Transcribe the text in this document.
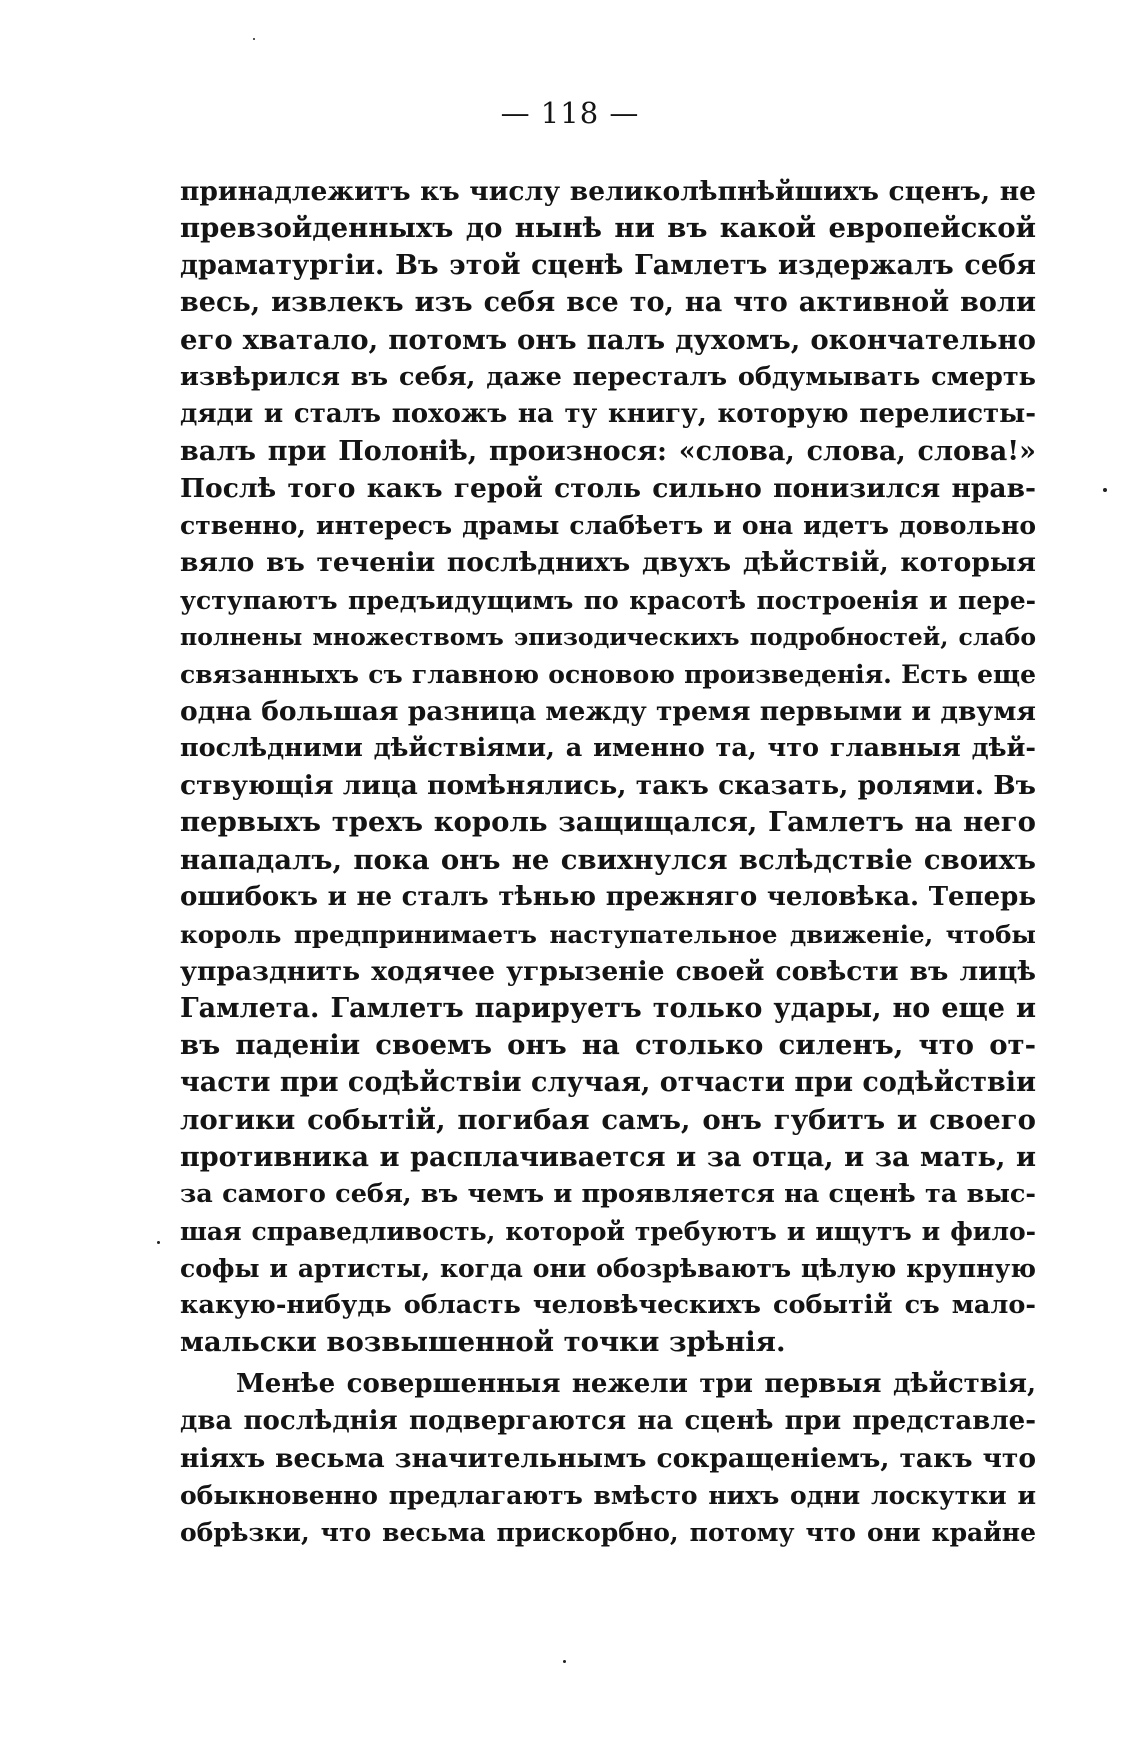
— 118 —
принадлежитъ къ числу великолѣпнѣйшихъ сценъ, не
превзойденныхъ до нынѣ ни въ какой европейской
драматургіи. Въ этой сценѣ Гамлетъ издержалъ себя
весь, извлекъ изъ себя все то, на что активной воли
его хватало, потомъ онъ палъ духомъ, окончательно
извѣрился въ себя, даже пересталъ обдумывать смерть
дяди и сталъ похожъ на ту книгу, которую перелисты-
валъ при Полоніѣ, произнося: «слова, слова, слова!»
Послѣ того какъ герой столь сильно понизился нрав-
ственно, интересъ драмы слабѣетъ и она идетъ довольно
вяло въ теченіи послѣднихъ двухъ дѣйствій, которыя
уступаютъ предъидущимъ по красотѣ построенія и пере-
полнены множествомъ эпизодическихъ подробностей, слабо
связанныхъ съ главною основою произведенія. Есть еще
одна большая разница между тремя первыми и двумя
послѣдними дѣйствіями, а именно та, что главныя дѣй-
ствующія лица помѣнялись, такъ сказать, ролями. Въ
первыхъ трехъ король защищался, Гамлетъ на него
нападалъ, пока онъ не свихнулся вслѣдствіе своихъ
ошибокъ и не сталъ тѣнью прежняго человѣка. Теперь
король предпринимаетъ наступательное движеніе, чтобы
упразднить ходячее угрызеніе своей совѣсти въ лицѣ
Гамлета. Гамлетъ парируетъ только удары, но еще и
въ паденіи своемъ онъ на столько силенъ, что от-
части при содѣйствіи случая, отчасти при содѣйствіи
логики событій, погибая самъ, онъ губитъ и своего
противника и расплачивается и за отца, и за мать, и
за самого себя, въ чемъ и проявляется на сценѣ та выс-
шая справедливость, которой требуютъ и ищутъ и фило-
софы и артисты, когда они обозрѣваютъ цѣлую крупную
какую-нибудь область человѣческихъ событій съ мало-
мальски возвышенной точки зрѣнія.
Менѣе совершенныя нежели три первыя дѣйствія,
два послѣднія подвергаются на сценѣ при представле-
ніяхъ весьма значительнымъ сокращеніемъ, такъ что
обыкновенно предлагаютъ вмѣсто нихъ одни лоскутки и
обрѣзки, что весьма прискорбно, потому что они крайне
